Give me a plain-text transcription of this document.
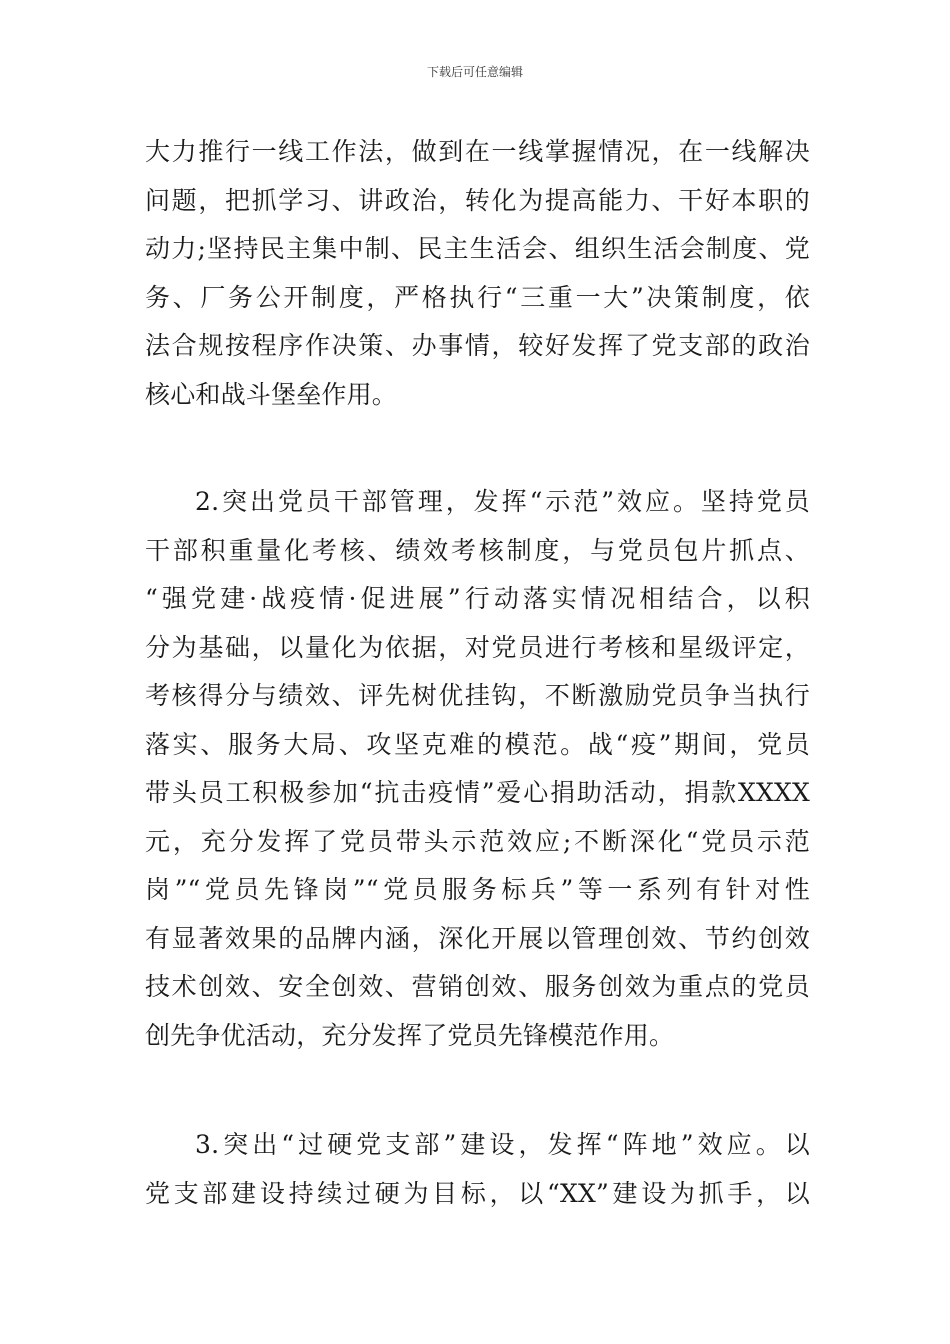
下载后可任意编辑
大力推行一线工作法，做到在一线掌握情况，在一线解决
问题，把抓学习、讲政治，转化为提高能力、干好本职的
动力;坚持民主集中制、民主生活会、组织生活会制度、党
务、厂务公开制度，严格执行“三重一大”决策制度，依
法合规按程序作决策、办事情，较好发挥了党支部的政治
核心和战斗堡垒作用。
2.突出党员干部管理，发挥“示范”效应。坚持党员
干部积重量化考核、绩效考核制度，与党员包片抓点、
“强党建·战疫情·促进展”行动落实情况相结合，以积
分为基础，以量化为依据，对党员进行考核和星级评定，
考核得分与绩效、评先树优挂钩，不断激励党员争当执行
落实、服务大局、攻坚克难的模范。战“疫”期间，党员
带头员工积极参加“抗击疫情”爱心捐助活动，捐款XXXX
元，充分发挥了党员带头示范效应;不断深化“党员示范
岗”“党员先锋岗”“党员服务标兵”等一系列有针对性
有显著效果的品牌内涵，深化开展以管理创效、节约创效
技术创效、安全创效、营销创效、服务创效为重点的党员
创先争优活动，充分发挥了党员先锋模范作用。
3.突出“过硬党支部”建设，发挥“阵地”效应。以
党支部建设持续过硬为目标，以“XX”建设为抓手，以
